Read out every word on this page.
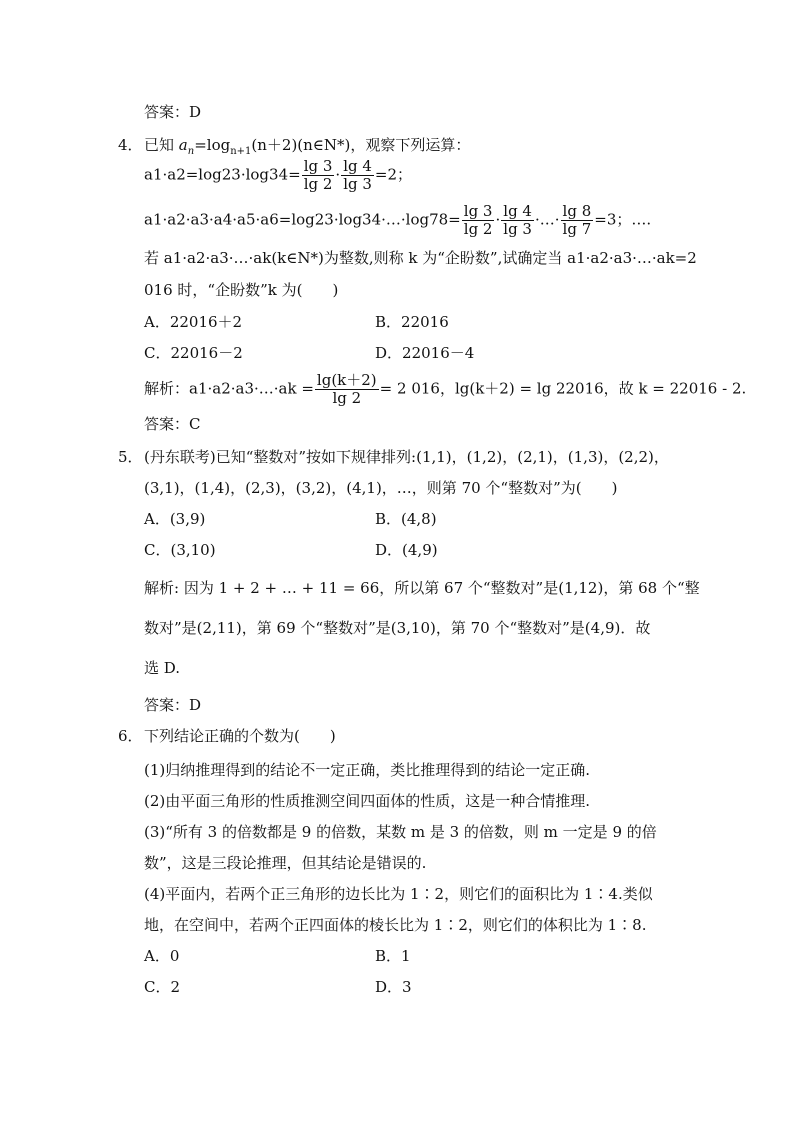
答案：D
4． 已知 $a_n=\log_{n+1}(n+2)(n\in N*)$，观察下列运算：
$a1\cdot a2=\log 23\cdot\log 34= \frac{\lg 3}{\lg 2} \cdot \frac{\lg 4}{\lg 3} =2$；
a1·a2·a3·a4·a5·a6=log23·log34·…·log78= $\frac{\lg 3}{\lg 2} \cdot \frac{\lg 4}{\lg 3}$ ·…· $\frac{\lg 8}{\lg 7} =3$；….
若 a1·a2·a3·…·ak(k∈N*)为整数,则称 k 为“企盼数”,试确定当 a1·a2·a3·…·ak=2
016 时，“企盼数”k 为(　　)
A．22016＋2	B．22016
C．22016－2	D．22016－4
解析：a1·a2·a3·…·ak = $\frac{\lg(k+2)}{\lg 2} = 2$ 016，lg(k＋2) = lg 22016，故 k = 22016 - 2.
答案：C
5． (丹东联考)已知“整数对”按如下规律排列:(1,1)，(1,2)，(2,1)，(1,3)，(2,2)，
(3,1)，(1,4)，(2,3)，(3,2)，(4,1)，…，则第 70 个“整数对”为(　　)
A．(3,9)	B．(4,8)
C．(3,10)	D．(4,9)
解析: 因为 1 + 2 + … + 11 = 66，所以第 67 个“整数对”是(1,12)，第 68 个“整
数对”是(2,11)，第 69 个“整数对”是(3,10)，第 70 个“整数对”是(4,9)．故
选 D.
答案：D
6． 下列结论正确的个数为(　　)
(1)归纳推理得到的结论不一定正确，类比推理得到的结论一定正确.
(2)由平面三角形的性质推测空间四面体的性质，这是一种合情推理.
(3)“所有 3 的倍数都是 9 的倍数，某数 m 是 3 的倍数，则 m 一定是 9 的倍
数”，这是三段论推理，但其结论是错误的.
(4)平面内，若两个正三角形的边长比为 1∶2，则它们的面积比为 1∶4.类似
地，在空间中，若两个正四面体的棱长比为 1∶2，则它们的体积比为 1∶8.
A．0	B．1
C．2	D．3
